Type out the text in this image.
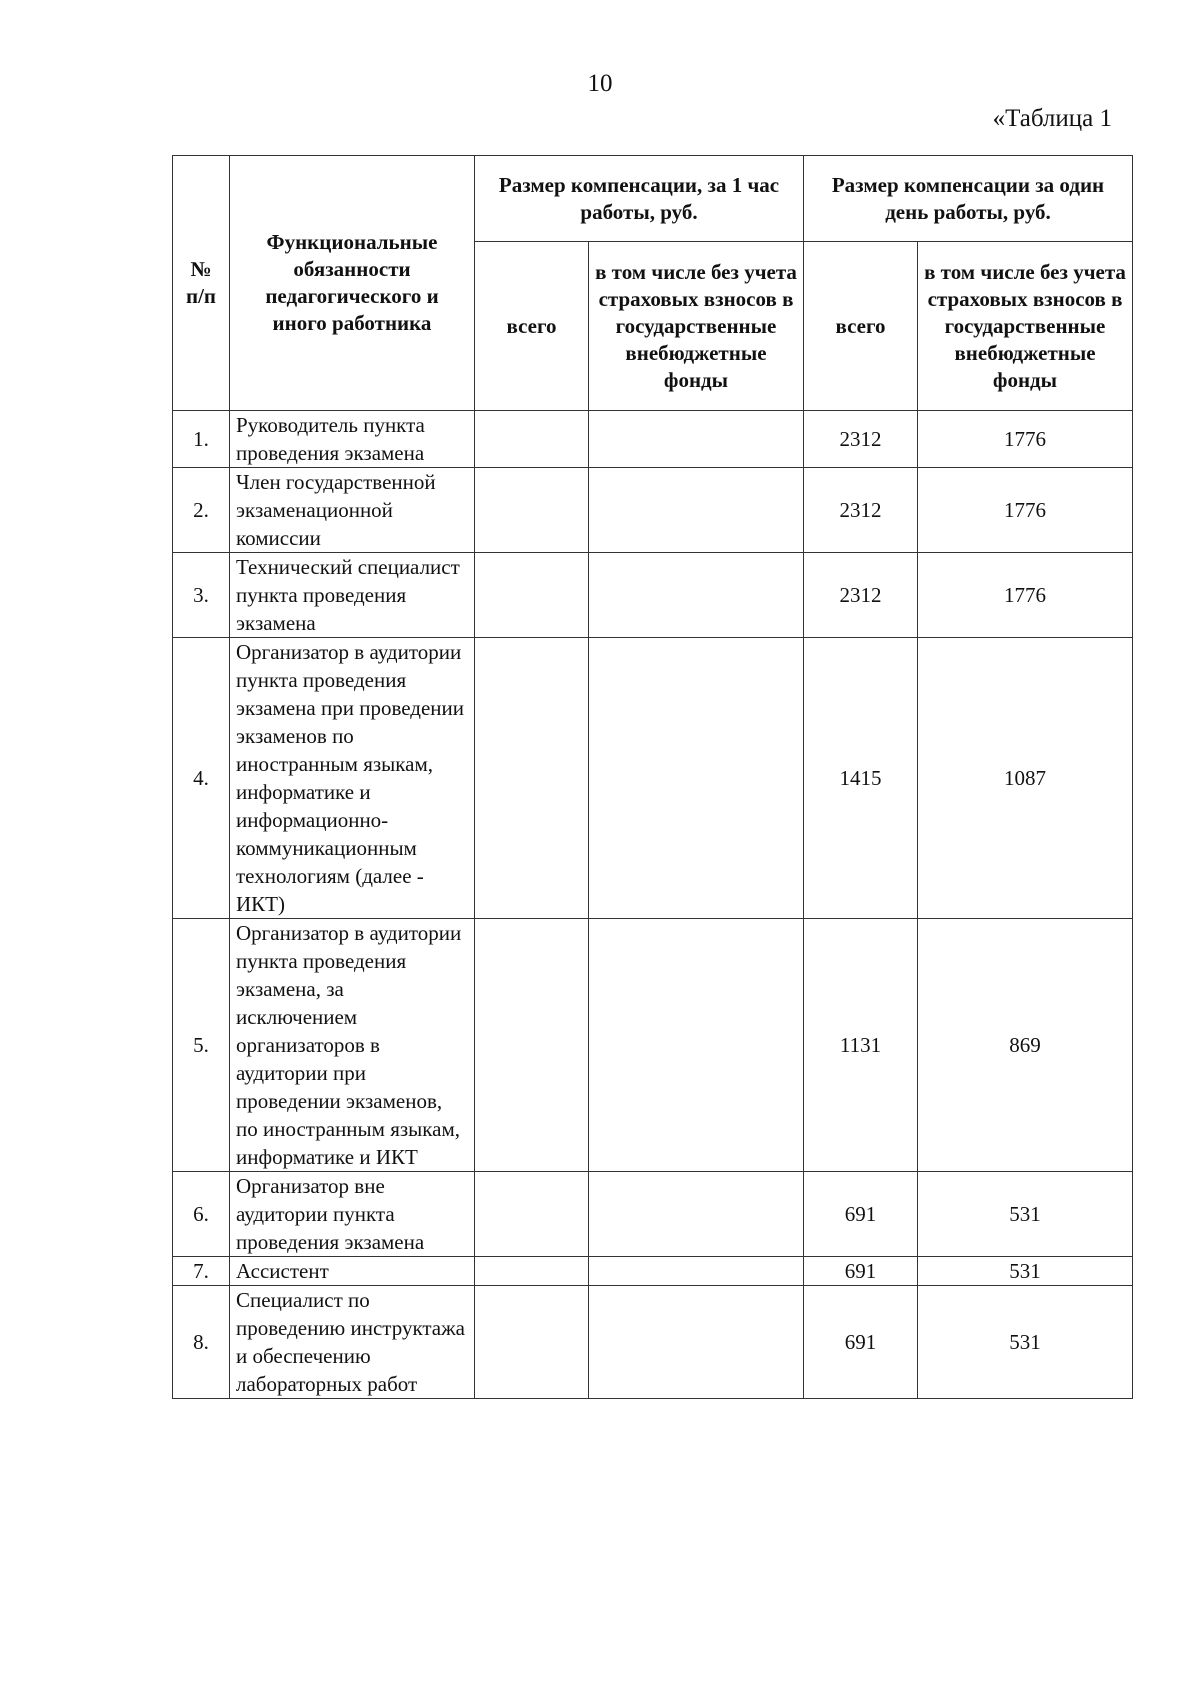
10
«Таблица 1
№ п/п	Функциональные обязанности педагогического и иного работника	Размер компенсации, за 1 час работы, руб.		Размер компенсации за один день работы, руб.	
		всего	в том числе без учета страховых взносов в государственные внебюджетные фонды	всего	в том числе без учета страховых взносов в государственные внебюджетные фонды
1.	Руководитель пункта проведения экзамена			2312	1776
2.	Член государственной экзаменационной комиссии			2312	1776
3.	Технический специалист пункта проведения экзамена			2312	1776
4.	Организатор в аудитории пункта проведения экзамена при проведении экзаменов по иностранным языкам, информатике и информационно-коммуникационным технологиям (далее - ИКТ)			1415	1087
5.	Организатор в аудитории пункта проведения экзамена, за исключением организаторов в аудитории при проведении экзаменов, по иностранным языкам, информатике и ИКТ			1131	869
6.	Организатор вне аудитории пункта проведения экзамена			691	531
7.	Ассистент			691	531
8.	Специалист по проведению инструктажа и обеспечению лабораторных работ			691	531
